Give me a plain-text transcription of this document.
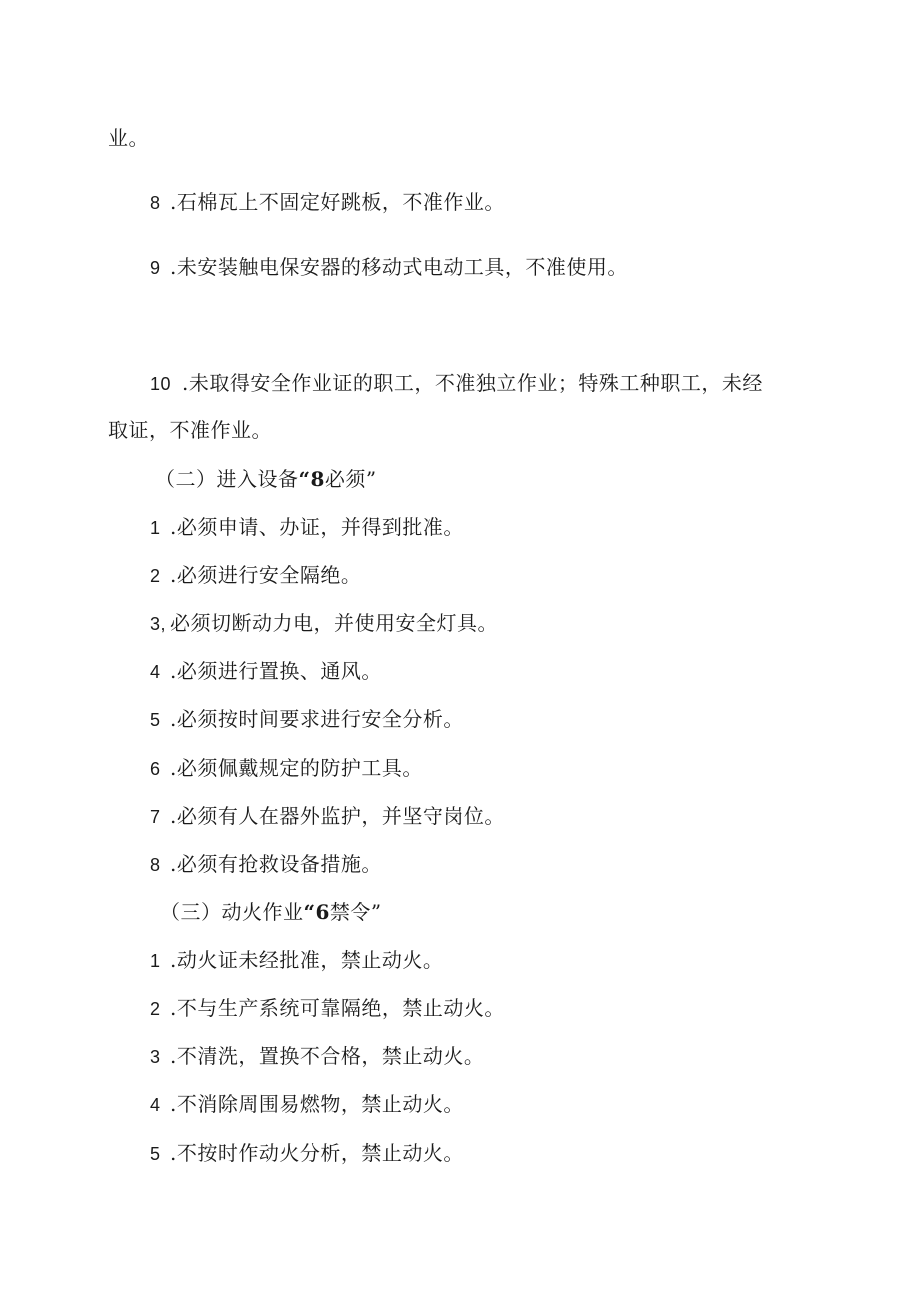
业。
8 .石棉瓦上不固定好跳板，不准作业。
9 .未安装触电保安器的移动式电动工具，不准使用。
10 .未取得安全作业证的职工，不准独立作业；特殊工种职工，未经
取证，不准作业。
（二）进入设备“8必须”
1 .必须申请、办证，并得到批准。
2 .必须进行安全隔绝。
3, 必须切断动力电，并使用安全灯具。
4 .必须进行置换、通风。
5 .必须按时间要求进行安全分析。
6 .必须佩戴规定的防护工具。
7 .必须有人在器外监护，并坚守岗位。
8 .必须有抢救设备措施。
（三）动火作业“6禁令”
1 .动火证未经批准，禁止动火。
2 .不与生产系统可靠隔绝，禁止动火。
3 .不清洗，置换不合格，禁止动火。
4 .不消除周围易燃物，禁止动火。
5 .不按时作动火分析，禁止动火。
